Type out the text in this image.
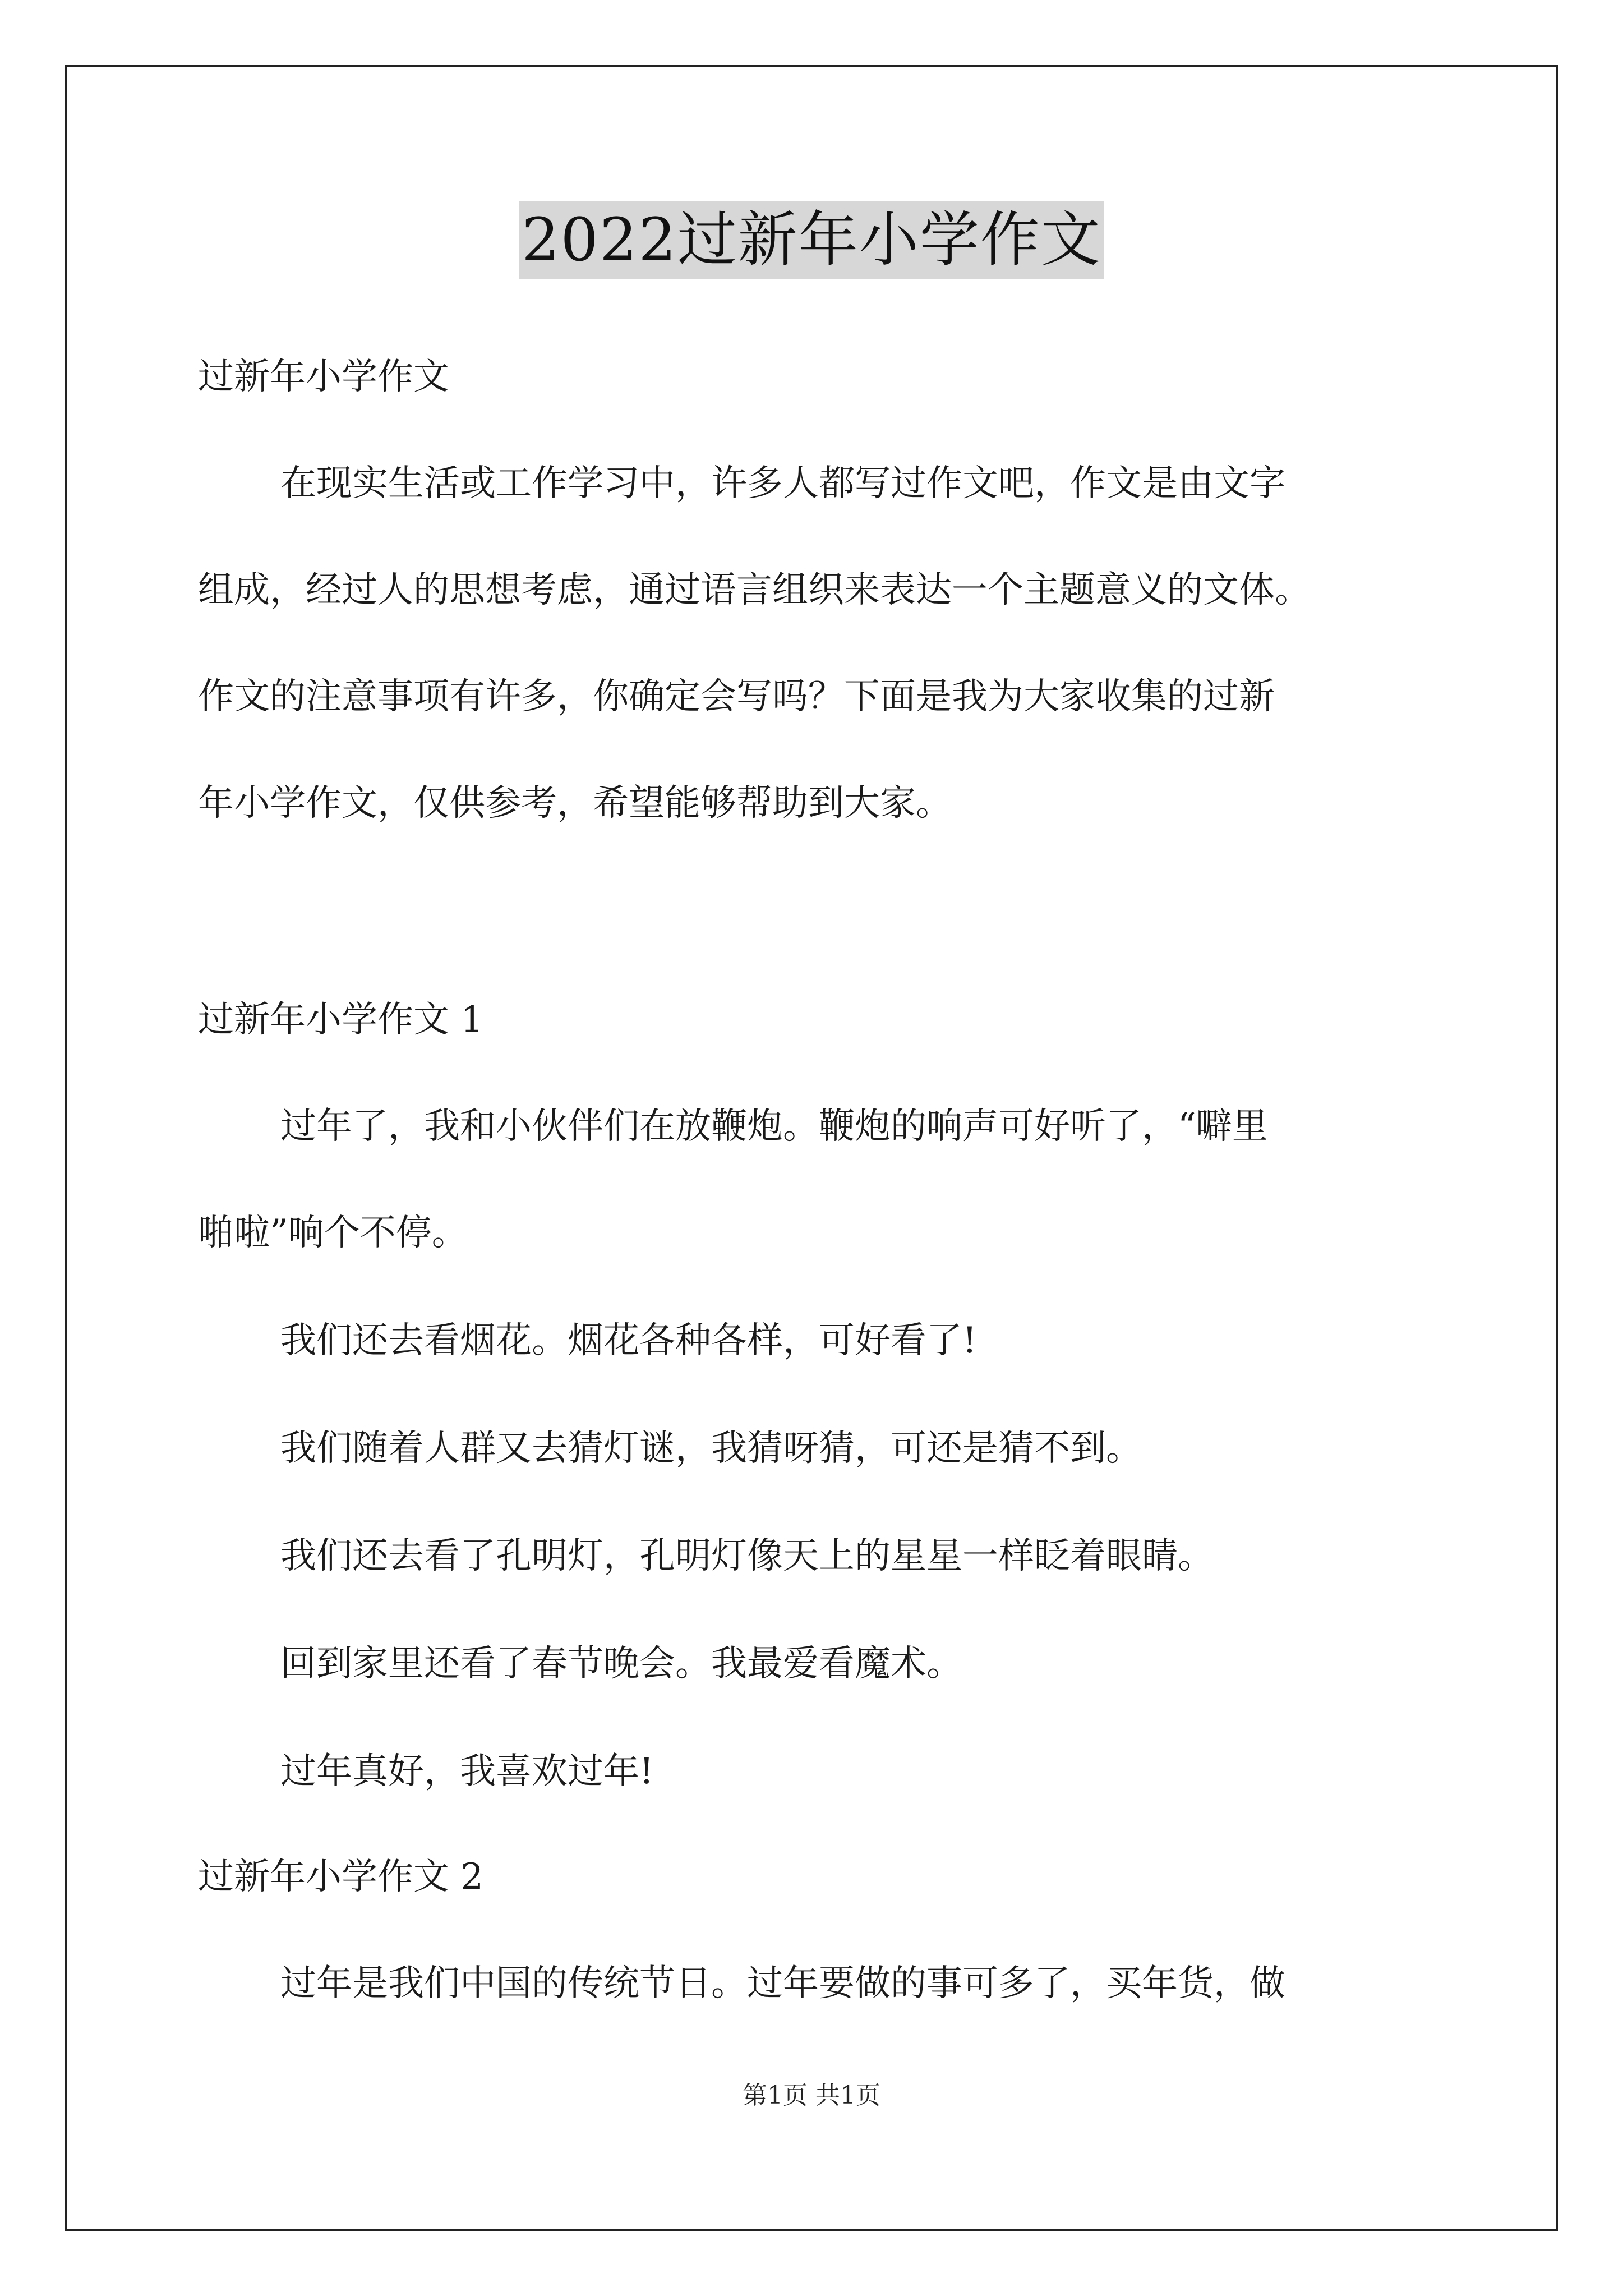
2022过新年小学作文
过新年小学作文
在现实生活或工作学习中，许多人都写过作文吧，作文是由文字
组成，经过人的思想考虑，通过语言组织来表达一个主题意义的文体。
作文的注意事项有许多，你确定会写吗？下面是我为大家收集的过新
年小学作文，仅供参考，希望能够帮助到大家。
过新年小学作文 1
过年了，我和小伙伴们在放鞭炮。鞭炮的响声可好听了，“噼里
啪啦”响个不停。
我们还去看烟花。烟花各种各样，可好看了!
我们随着人群又去猜灯谜，我猜呀猜，可还是猜不到。
我们还去看了孔明灯，孔明灯像天上的星星一样眨着眼睛。
回到家里还看了春节晚会。我最爱看魔术。
过年真好，我喜欢过年!
过新年小学作文 2
过年是我们中国的传统节日。过年要做的事可多了，买年货，做
第1页 共1页
